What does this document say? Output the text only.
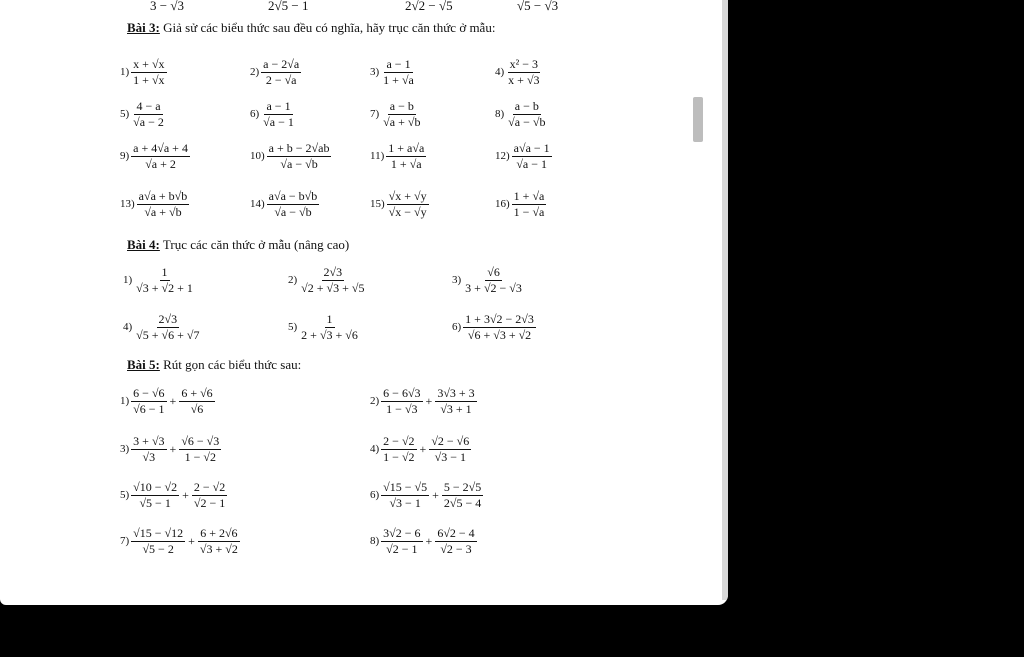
3 − √3	2√5 − 1	2√2 − √5	√5 − √3
Bài 3: Giả sử các biểu thức sau đều có nghĩa, hãy trục căn thức ở mẫu:
Bài 4: Trục các căn thức ở mẫu (nâng cao)
Bài 5: Rút gọn các biểu thức sau:
$1) \frac{x + √x}{1 + √x}$	$2) \frac{a - 2√a}{2 - √a}$	$3) \frac{a - 1}{1 + √a}$	$4) \frac{\text{x² − 3}}{x + √3}$
$5) \frac{4 - a}{√a - 2}$	$6) \frac{a - 1}{√a - 1}$	$7) \frac{a - b}{√a + √b}$	$8) \frac{a - b}{√a - √b}$
$9) \frac{a + 4√a + 4}{√a + 2}$	$10) \frac{a + b - 2√ab}{√a - √b}$	$11) \frac{1 + a√a}{1 + √a}$	$12) \frac{a√a - 1}{√a - 1}$
$13) \frac{a√a + b√b}{√a + √b}$	$14) \frac{a√a - b√b}{√a - √b}$	$15) \frac{√x + √y}{√x - √y}$	$16) \frac{1 + √a}{1 - √a}$
$1) \frac{1}{√3 + √2 + 1}$	$2) \frac{2√3}{√2 + √3 + √5}$	$3) \frac{√6}{3 + √2 - √3}$
$4) \frac{2√3}{√5 + √6 + √7}$	$5) \frac{1}{2 + √3 + √6}$	$6) \frac{1 + 3√2 - 2√3}{√6 + √3 + √2}$
$1) \frac{6 - √6}{√6 - 1} + \frac{6 + √6}{√6}$	$2) \frac{6 - 6√3}{1 - √3} + \frac{3√3 + 3}{√3 + 1}$
$3) \frac{3 + √3}{√3} + \frac{√6 - √3}{1 - √2}$	$4) \frac{2 - √2}{1 - √2} + \frac{√2 - √6}{√3 - 1}$
$5) \frac{√10 - √2}{√5 - 1} + \frac{2 - √2}{√2 - 1}$	$6) \frac{√15 - √5}{√3 - 1} + \frac{5 - 2√5}{2√5 - 4}$
$7) \frac{√15 - √12}{√5 - 2} + \frac{6 + 2√6}{√3 + √2}$	$8) \frac{3√2 - 6}{√2 - 1} + \frac{6√2 - 4}{√2 - 3}$
